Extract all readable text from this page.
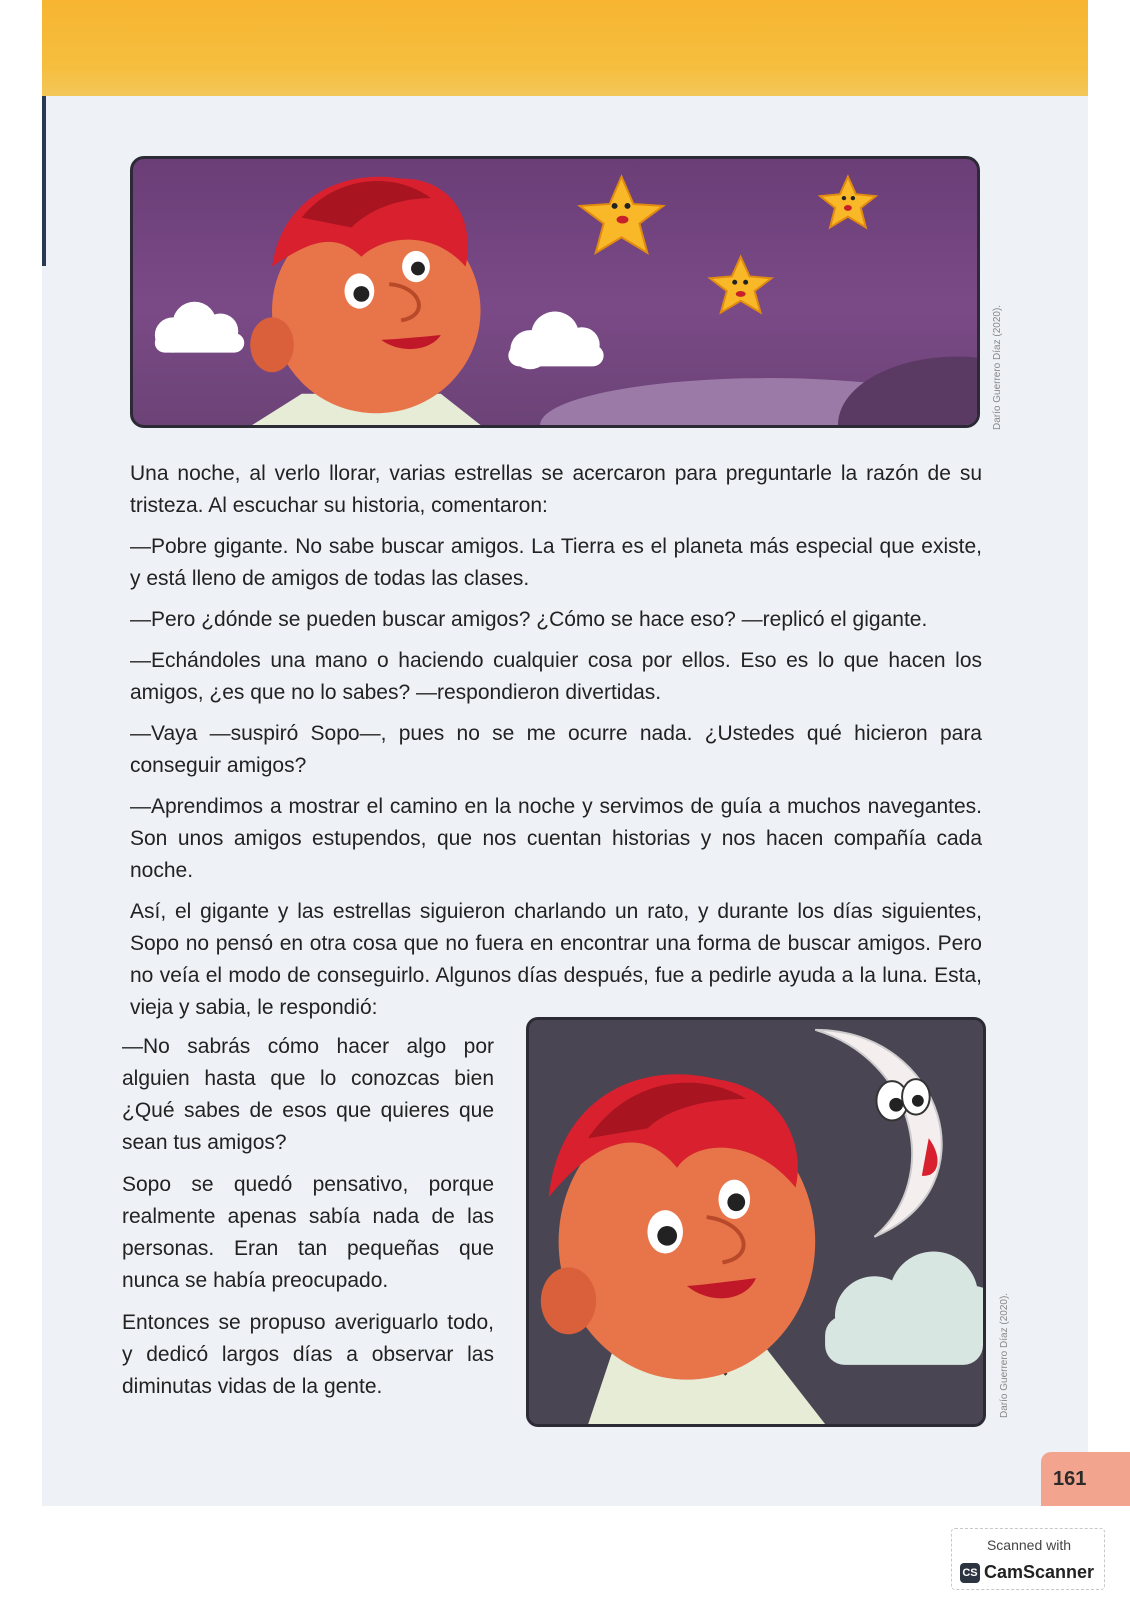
Darío Guerrero Díaz (2020).

Una noche, al verlo llorar, varias estrellas se acercaron para preguntarle la razón de su tristeza. Al escuchar su historia, comentaron:

—Pobre gigante. No sabe buscar amigos. La Tierra es el planeta más especial que existe, y está lleno de amigos de todas las clases.

—Pero ¿dónde se pueden buscar amigos? ¿Cómo se hace eso? —replicó el gigante.

—Echándoles una mano o haciendo cualquier cosa por ellos. Eso es lo que hacen los amigos, ¿es que no lo sabes? —respondieron divertidas.

—Vaya —suspiró Sopo—, pues no se me ocurre nada. ¿Ustedes qué hicieron para conseguir amigos?

—Aprendimos a mostrar el camino en la noche y servimos de guía a muchos navegantes. Son unos amigos estupendos, que nos cuentan historias y nos hacen compañía cada noche.

Así, el gigante y las estrellas siguieron charlando un rato, y durante los días siguientes, Sopo no pensó en otra cosa que no fuera en encontrar una forma de buscar amigos. Pero no veía el modo de conseguirlo. Algunos días después, fue a pedirle ayuda a la luna. Esta, vieja y sabia, le respondió:

—No sabrás cómo hacer algo por alguien hasta que lo conozcas bien ¿Qué sabes de esos que quieres que sean tus amigos?

Sopo se quedó pensativo, porque realmente apenas sabía nada de las personas. Eran tan pequeñas que nunca se había preocupado.

Entonces se propuso averiguarlo todo, y dedicó largos días a observar las diminutas vidas de la gente.	Darío Guerrero Díaz (2020).
161
Scanned with
CS CamScanner
